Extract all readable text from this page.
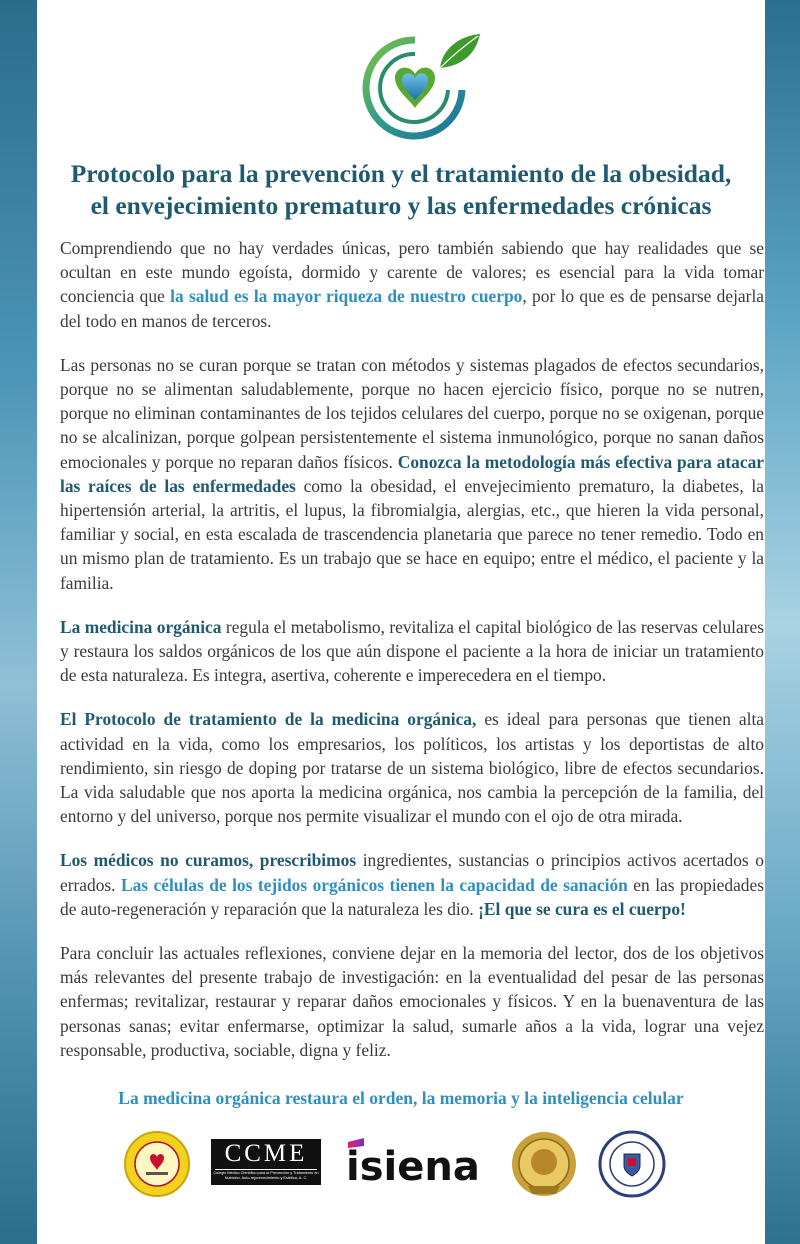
Protocolo para la prevención y el tratamiento de la obesidad,
el envejecimiento prematuro y las enfermedades crónicas

Comprendiendo que no hay verdades únicas, pero también sabiendo que hay realidades que se ocultan en este mundo egoísta, dormido y carente de valores; es esencial para la vida tomar conciencia que la salud es la mayor riqueza de nuestro cuerpo, por lo que es de pensarse dejarla del todo en manos de terceros.

Las personas no se curan porque se tratan con métodos y sistemas plagados de efectos secundarios, porque no se alimentan saludablemente, porque no hacen ejercicio físico, porque no se nutren, porque no eliminan contaminantes de los tejidos celulares del cuerpo, porque no se oxigenan, porque no se alcalinizan, porque golpean persistentemente el sistema inmunológico, porque no sanan daños emocionales y porque no reparan daños físicos. Conozca la metodología más efectiva para atacar las raíces de las enfermedades como la obesidad, el envejecimiento prematuro, la diabetes, la hipertensión arterial, la artritis, el lupus, la fibromialgia, alergias, etc., que hieren la vida personal, familiar y social, en esta escalada de trascendencia planetaria que parece no tener remedio. Todo en un mismo plan de tratamiento. Es un trabajo que se hace en equipo; entre el médico, el paciente y la familia.

La medicina orgánica regula el metabolismo, revitaliza el capital biológico de las reservas celulares y restaura los saldos orgánicos de los que aún dispone el paciente a la hora de iniciar un tratamiento de esta naturaleza. Es integra, asertiva, coherente e imperecedera en el tiempo.

El Protocolo de tratamiento de la medicina orgánica, es ideal para personas que tienen alta actividad en la vida, como los empresarios, los políticos, los artistas y los deportistas de alto rendimiento, sin riesgo de doping por tratarse de un sistema biológico, libre de efectos secundarios. La vida saludable que nos aporta la medicina orgánica, nos cambia la percepción de la familia, del entorno y del universo, porque nos permite visualizar el mundo con el ojo de otra mirada.

Los médicos no curamos, prescribimos ingredientes, sustancias o principios activos acertados o errados. Las células de los tejidos orgánicos tienen la capacidad de sanación en las propiedades de auto-regeneración y reparación que la naturaleza les dio. ¡El que se cura es el cuerpo!

Para concluir las actuales reflexiones, conviene dejar en la memoria del lector, dos de los objetivos más relevantes del presente trabajo de investigación: en la eventualidad del pesar de las personas enfermas; revitalizar, restaurar y reparar daños emocionales y físicos. Y en la buenaventura de las personas sanas; evitar enfermarse, optimizar la salud, sumarle años a la vida, lograr una vejez responsable, productiva, sociable, digna y feliz.

La medicina orgánica restaura el orden, la memoria y la inteligencia celular
CCME
Colegio Médico Científico para la Prevención y Tratamiento en Nutrición, Auto-rejuvenecimiento y Estética, A. C. isiena
